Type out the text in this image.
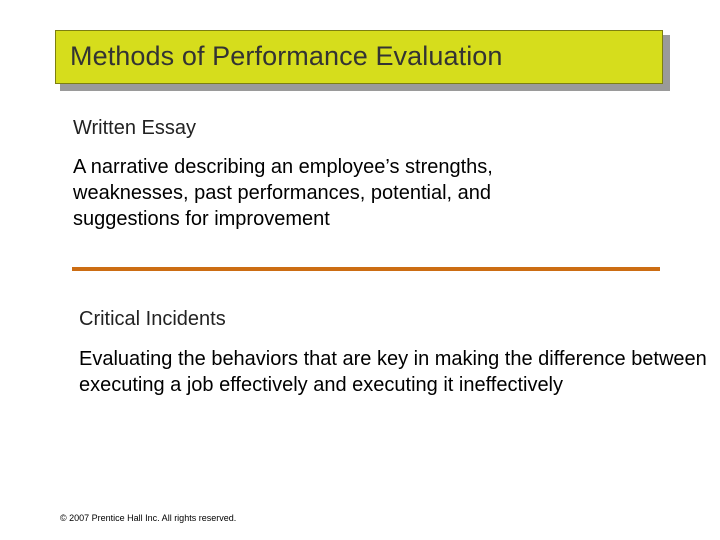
Methods of Performance Evaluation
Written Essay
A narrative describing an employee’s strengths, weaknesses, past performances, potential, and suggestions for improvement
Critical Incidents
Evaluating the behaviors that are key in making the difference between executing a job effectively and executing it ineffectively
© 2007 Prentice Hall Inc. All rights reserved.
